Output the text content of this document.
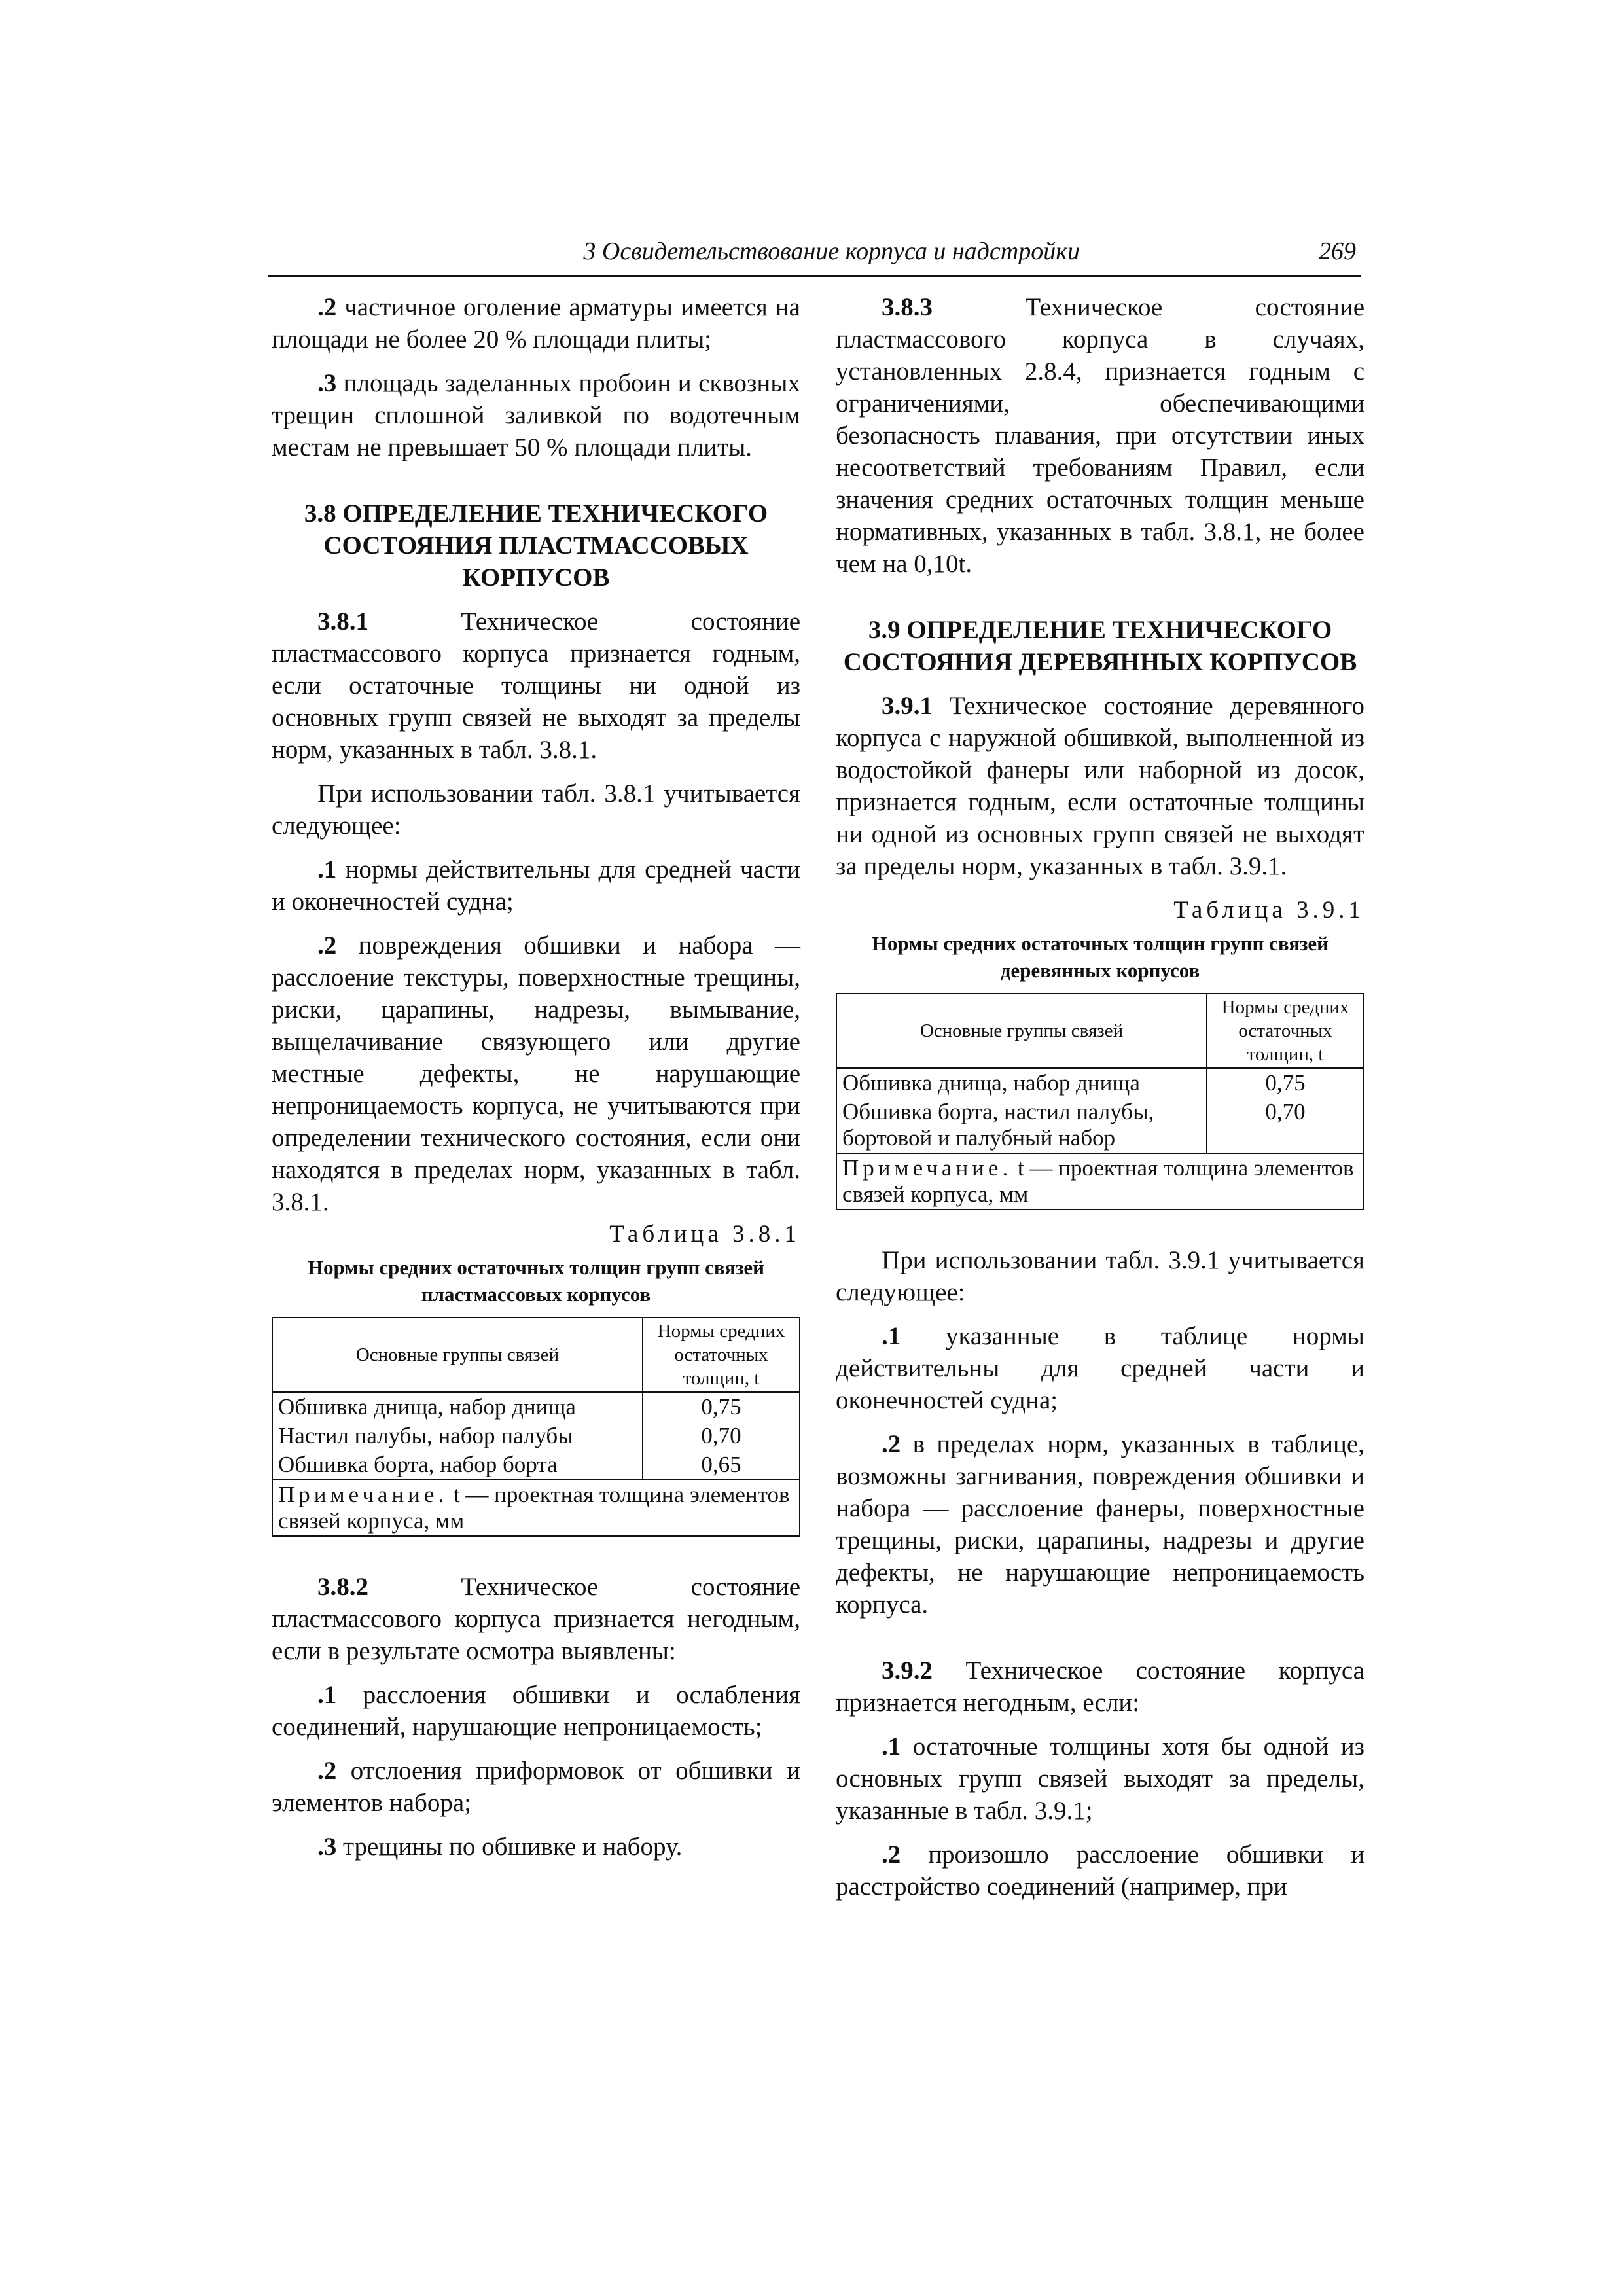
3 Освидетельствование корпуса и надстройки	269

.2 частичное оголение арматуры имеется на площади не более 20 % площади плиты;

.3 площадь заделанных пробоин и сквозных трещин сплошной заливкой по водотечным местам не превышает 50 % площади плиты.

3.8 ОПРЕДЕЛЕНИЕ ТЕХНИЧЕСКОГО СОСТОЯНИЯ ПЛАСТМАССОВЫХ КОРПУСОВ

3.8.1 Техническое состояние пластмассового корпуса признается годным, если остаточные толщины ни одной из основных групп связей не выходят за пределы норм, указанных в табл. 3.8.1.

При использовании табл. 3.8.1 учитывается следующее:

.1 нормы действительны для средней части и оконечностей судна;

.2 повреждения обшивки и набора — расслоение текстуры, поверхностные трещины, риски, царапины, надрезы, вымывание, выщелачивание связующего или другие местные дефекты, не нарушающие непроницаемость корпуса, не учитываются при определении технического состояния, если они находятся в пределах норм, указанных в табл. 3.8.1.

Таблица 3.8.1

Нормы средних остаточных толщин групп связей пластмассовых корпусов

Основные группы связей	Нормы средних остаточных толщин, t
Обшивка днища, набор днища	0,75
Настил палубы, набор палубы	0,70
Обшивка борта, набор борта	0,65
Примечание. t — проектная толщина элементов связей корпуса, мм	

3.8.2 Техническое состояние пластмассового корпуса признается негодным, если в результате осмотра выявлены:

.1 расслоения обшивки и ослабления соединений, нарушающие непроницаемость;

.2 отслоения приформовок от обшивки и элементов набора;

.3 трещины по обшивке и набору.

3.8.3 Техническое состояние пластмассового корпуса в случаях, установленных 2.8.4, признается годным с ограничениями, обеспечивающими безопасность плавания, при отсутствии иных несоответствий требованиям Правил, если значения средних остаточных толщин меньше нормативных, указанных в табл. 3.8.1, не более чем на 0,10t.

3.9 ОПРЕДЕЛЕНИЕ ТЕХНИЧЕСКОГО СОСТОЯНИЯ ДЕРЕВЯННЫХ КОРПУСОВ

3.9.1 Техническое состояние деревянного корпуса с наружной обшивкой, выполненной из водостойкой фанеры или наборной из досок, признается годным, если остаточные толщины ни одной из основных групп связей не выходят за пределы норм, указанных в табл. 3.9.1.

Таблица 3.9.1

Нормы средних остаточных толщин групп связей деревянных корпусов

Основные группы связей	Нормы средних остаточных толщин, t
Обшивка днища, набор днища	0,75
Обшивка борта, настил палубы, бортовой и палубный набор	0,70
Примечание. t — проектная толщина элементов связей корпуса, мм	

При использовании табл. 3.9.1 учитывается следующее:

.1 указанные в таблице нормы действительны для средней части и оконечностей судна;

.2 в пределах норм, указанных в таблице, возможны загнивания, повреждения обшивки и набора — расслоение фанеры, поверхностные трещины, риски, царапины, надрезы и другие дефекты, не нарушающие непроницаемость корпуса.

3.9.2 Техническое состояние корпуса признается негодным, если:

.1 остаточные толщины хотя бы одной из основных групп связей выходят за пределы, указанные в табл. 3.9.1;

.2 произошло расслоение обшивки и расстройство соединений (например, при
